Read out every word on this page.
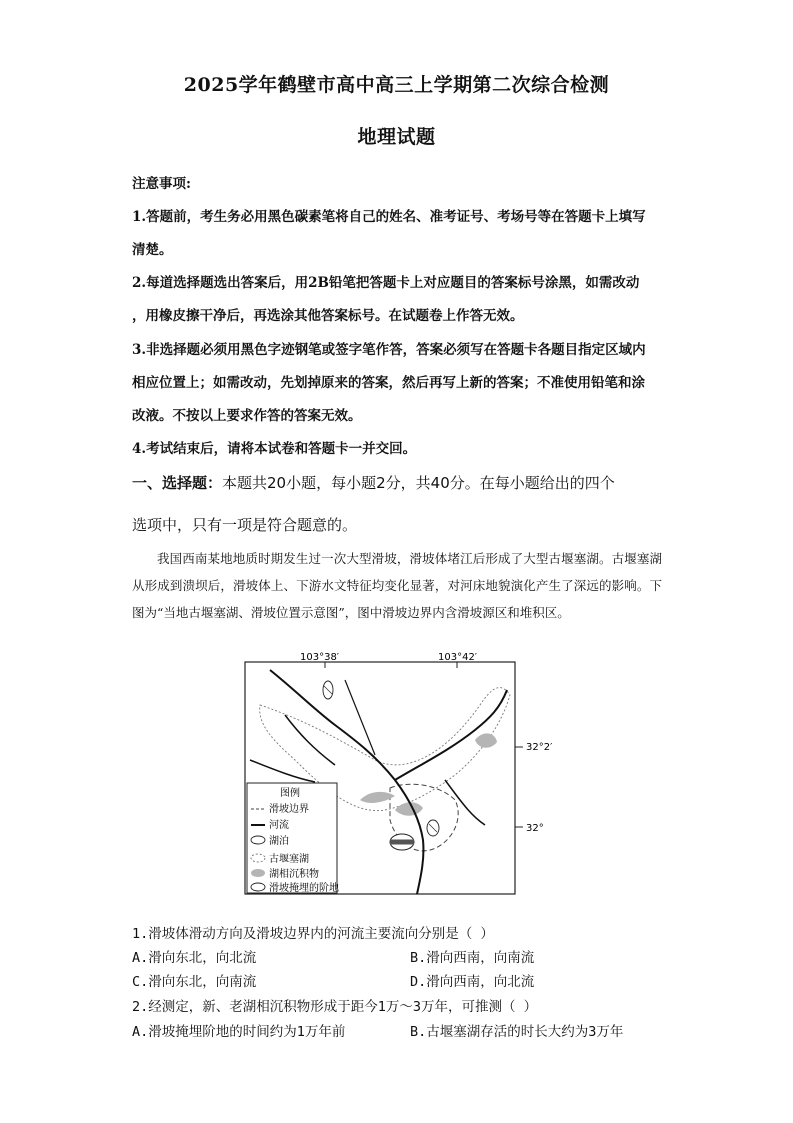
2025学年鹤壁市高中高三上学期第二次综合检测
地理试题
注意事项:
1.答题前，考生务必用黑色碳素笔将自己的姓名、准考证号、考场号等在答题卡上填写
清楚。
2.每道选择题选出答案后，用2B铅笔把答题卡上对应题目的答案标号涂黑，如需改动
，用橡皮擦干净后，再选涂其他答案标号。在试题卷上作答无效。
3.非选择题必须用黑色字迹钢笔或签字笔作答，答案必须写在答题卡各题目指定区域内
相应位置上；如需改动，先划掉原来的答案，然后再写上新的答案；不准使用铅笔和涂
改液。不按以上要求作答的答案无效。
4.考试结束后，请将本试卷和答题卡一并交回。
一、选择题：本题共20小题，每小题2分，共40分。在每小题给出的四个
选项中，只有一项是符合题意的。

我国西南某地地质时期发生过一次大型滑坡，滑坡体堵江后形成了大型古堰塞湖。古堰塞湖从形成到溃坝后，滑坡体上、下游水文特征均变化显著，对河床地貌演化产生了深远的影响。下图为“当地古堰塞湖、滑坡位置示意图”，图中滑坡边界内含滑坡源区和堆积区。

103°38′	103°42′
32°2′
32°
图例
滑坡边界
河流
湖泊
古堰塞湖
湖相沉积物
滑坡掩埋的阶地
1.滑坡体滑动方向及滑坡边界内的河流主要流向分别是（ ）
A.滑向东北，向北流	B.滑向西南，向南流
C.滑向东北，向南流	D.滑向西南，向北流
2.经测定，新、老湖相沉积物形成于距今1万～3万年，可推测（ ）
A.滑坡掩埋阶地的时间约为1万年前	B.古堰塞湖存活的时长大约为3万年
